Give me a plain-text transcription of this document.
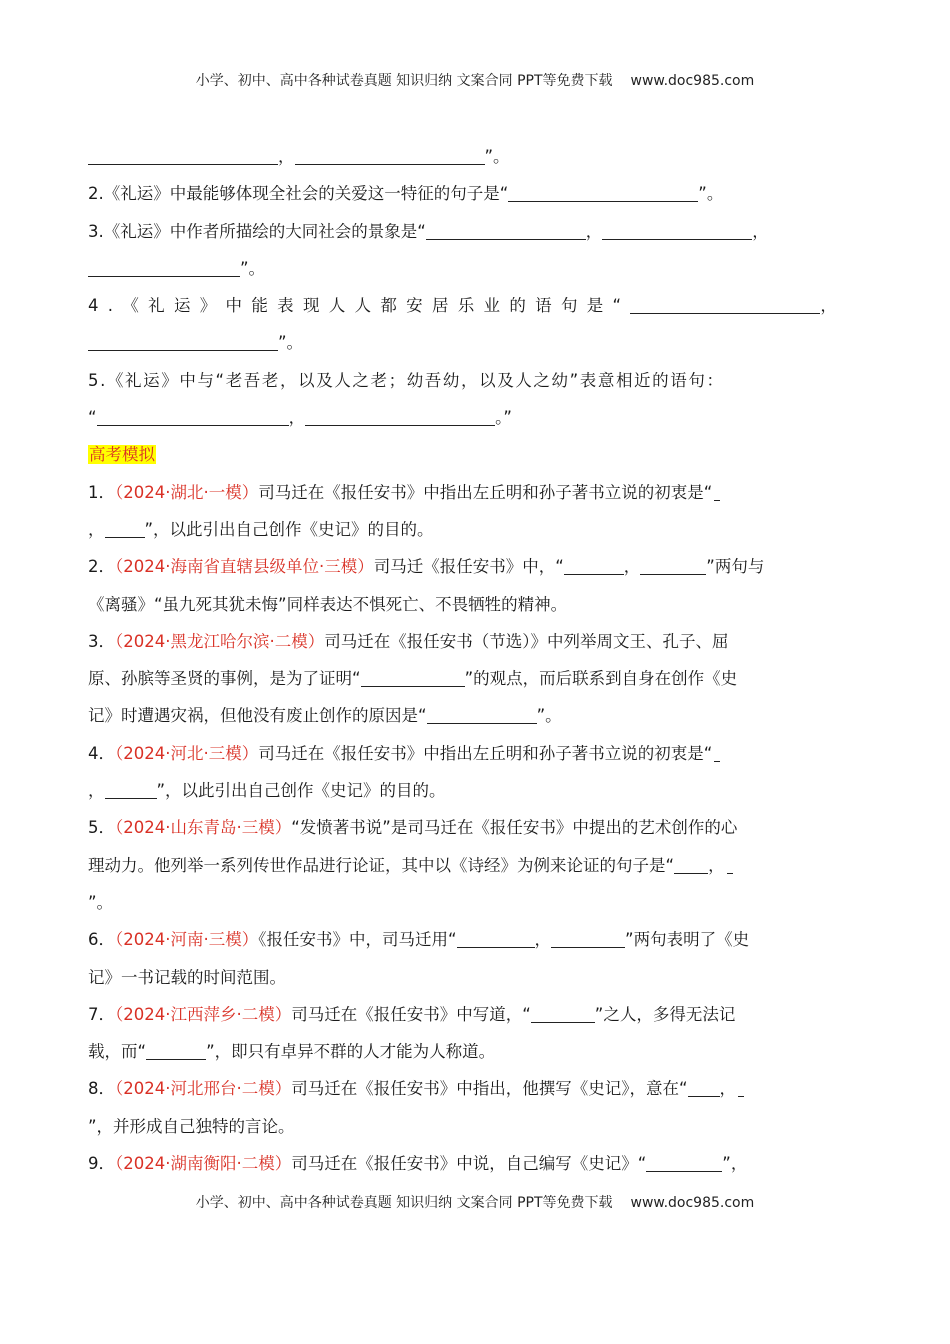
小学、初中、高中各种试卷真题 知识归纳 文案合同 PPT等免费下载 www.doc985.com
，	”。
2.《礼运》中最能够体现全社会的关爱这一特征的句子是“	”。
3.《礼运》中作者所描绘的大同社会的景象是“	，	，
”。
4.《礼运》中能表现人人都安居乐业的语句是“	，
”。
5.《礼运》中与“老吾老，以及人之老；幼吾幼，以及人之幼”表意相近的语句：
“	，	。”
高考模拟
1．（2024·湖北·一模）司马迁在《报任安书》中指出左丘明和孙子著书立说的初衷是“
， ”，以此引出自己创作《史记》的目的。
2．（2024·海南省直辖县级单位·三模）司马迁《报任安书》中，“	，	”两句与
《离骚》“虽九死其犹未悔”同样表达不惧死亡、不畏牺牲的精神。
3．（2024·黑龙江哈尔滨·二模）司马迁在《报任安书（节选）》中列举周文王、孔子、屈
原、孙膑等圣贤的事例，是为了证明“	”的观点，而后联系到自身在创作《史
记》时遭遇灾祸，但他没有废止创作的原因是“	”。
4．（2024·河北·三模）司马迁在《报任安书》中指出左丘明和孙子著书立说的初衷是“
，	”，以此引出自己创作《史记》的目的。
5．（2024·山东青岛·三模）“发愤著书说”是司马迁在《报任安书》中提出的艺术创作的心
理动力。他列举一系列传世作品进行论证，其中以《诗经》为例来论证的句子是“ ，
”。
6．（2024·河南·三模）《报任安书》中，司马迁用“	，	”两句表明了《史
记》一书记载的时间范围。
7．（2024·江西萍乡·二模）司马迁在《报任安书》中写道，“	”之人，多得无法记
载，而“	”，即只有卓异不群的人才能为人称道。
8．（2024·河北邢台·二模）司马迁在《报任安书》中指出，他撰写《史记》，意在“ ，
”，并形成自己独特的言论。
9．（2024·湖南衡阳·二模）司马迁在《报任安书》中说，自己编写《史记》“	”，
小学、初中、高中各种试卷真题 知识归纳 文案合同 PPT等免费下载 www.doc985.com
